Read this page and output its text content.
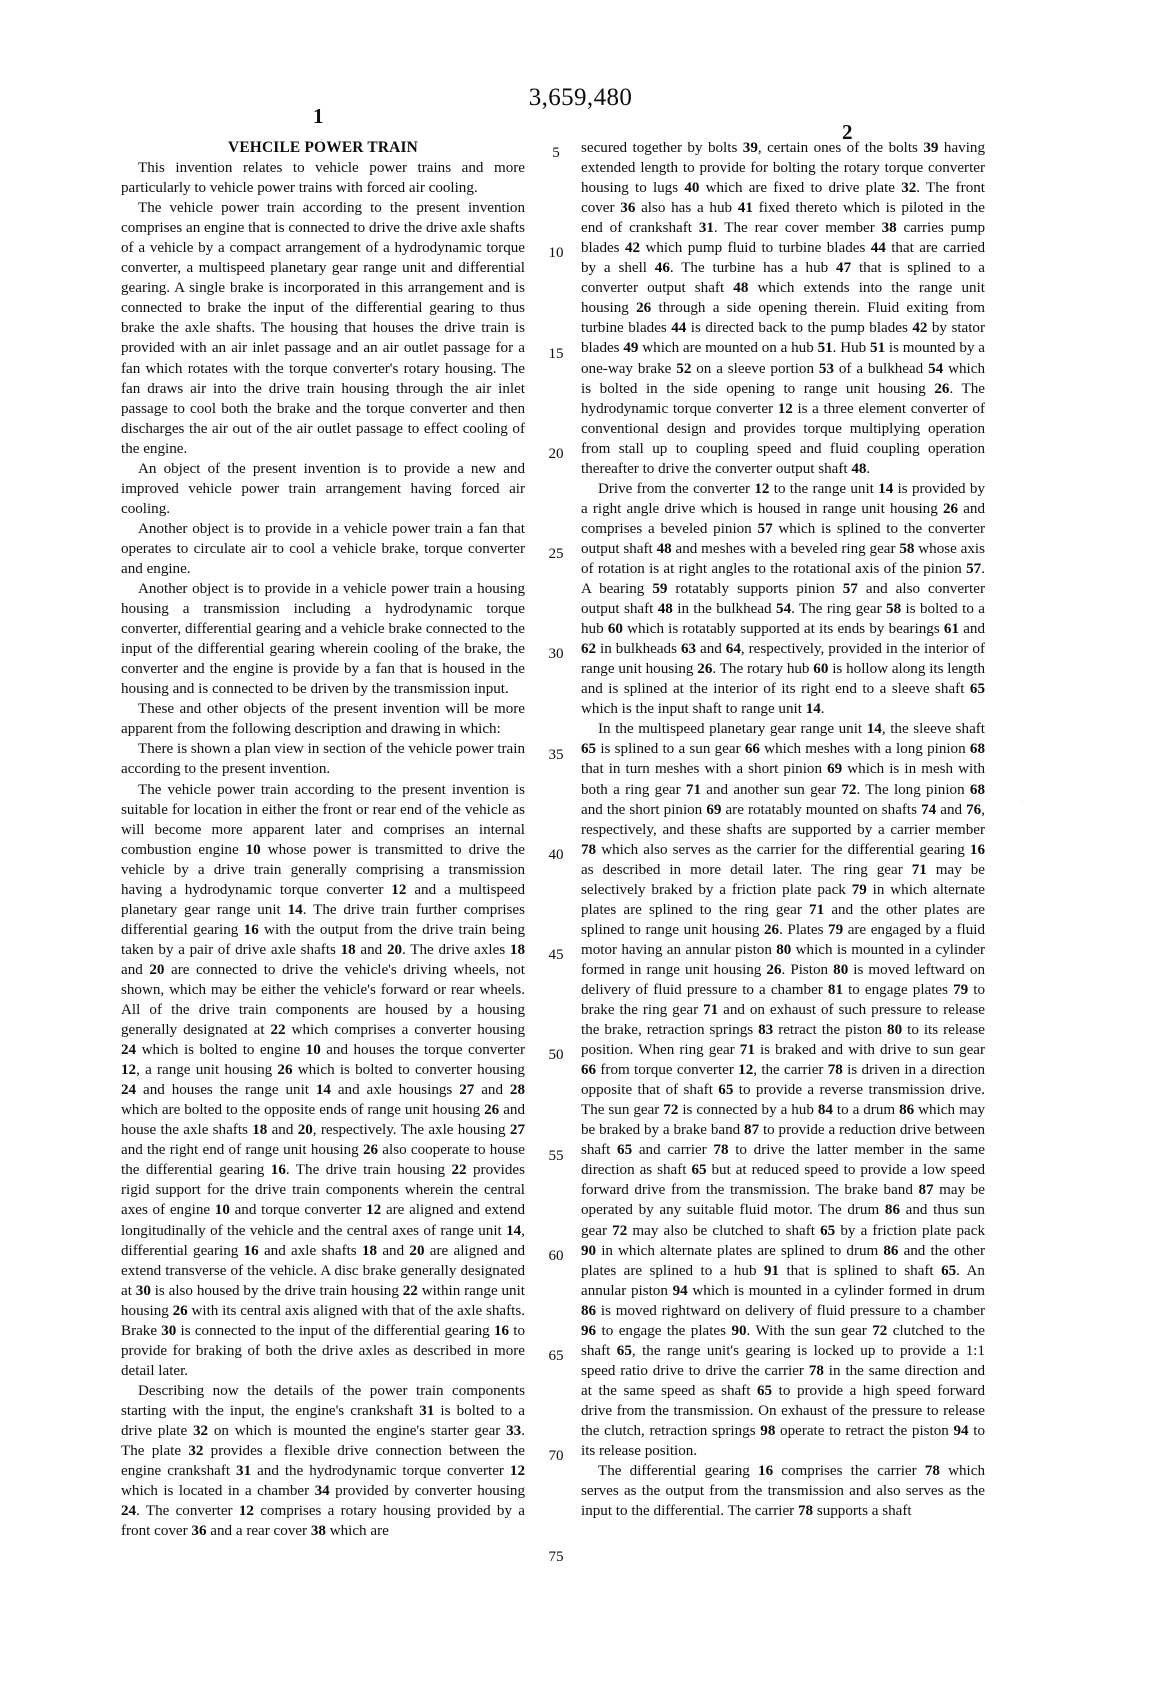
3,659,480
1
2
VEHCILE POWER TRAIN

This invention relates to vehicle power trains and more particularly to vehicle power trains with forced air cooling.

The vehicle power train according to the present invention comprises an engine that is connected to drive the drive axle shafts of a vehicle by a compact arrangement of a hydrodynamic torque converter, a multispeed planetary gear range unit and differential gearing. A single brake is incorporated in this arrangement and is connected to brake the input of the differential gearing to thus brake the axle shafts. The housing that houses the drive train is provided with an air inlet passage and an air outlet passage for a fan which rotates with the torque converter's rotary housing. The fan draws air into the drive train housing through the air inlet passage to cool both the brake and the torque converter and then discharges the air out of the air outlet passage to effect cooling of the engine.

An object of the present invention is to provide a new and improved vehicle power train arrangement having forced air cooling.

Another object is to provide in a vehicle power train a fan that operates to circulate air to cool a vehicle brake, torque converter and engine.

Another object is to provide in a vehicle power train a housing housing a transmission including a hydrodynamic torque converter, differential gearing and a vehicle brake connected to the input of the differential gearing wherein cooling of the brake, the converter and the engine is provide by a fan that is housed in the housing and is connected to be driven by the transmission input.

These and other objects of the present invention will be more apparent from the following description and drawing in which:

There is shown a plan view in section of the vehicle power train according to the present invention.

The vehicle power train according to the present invention is suitable for location in either the front or rear end of the vehicle as will become more apparent later and comprises an internal combustion engine 10 whose power is transmitted to drive the vehicle by a drive train generally comprising a transmission having a hydrodynamic torque converter 12 and a multispeed planetary gear range unit 14. The drive train further comprises differential gearing 16 with the output from the drive train being taken by a pair of drive axle shafts 18 and 20. The drive axles 18 and 20 are connected to drive the vehicle's driving wheels, not shown, which may be either the vehicle's forward or rear wheels. All of the drive train components are housed by a housing generally designated at 22 which comprises a converter housing 24 which is bolted to engine 10 and houses the torque converter 12, a range unit housing 26 which is bolted to converter housing 24 and houses the range unit 14 and axle housings 27 and 28 which are bolted to the opposite ends of range unit housing 26 and house the axle shafts 18 and 20, respectively. The axle housing 27 and the right end of range unit housing 26 also cooperate to house the differential gearing 16. The drive train housing 22 provides rigid support for the drive train components wherein the central axes of engine 10 and torque converter 12 are aligned and extend longitudinally of the vehicle and the central axes of range unit 14, differential gearing 16 and axle shafts 18 and 20 are aligned and extend transverse of the vehicle. A disc brake generally designated at 30 is also housed by the drive train housing 22 within range unit housing 26 with its central axis aligned with that of the axle shafts. Brake 30 is connected to the input of the differential gearing 16 to provide for braking of both the drive axles as described in more detail later.

Describing now the details of the power train components starting with the input, the engine's crankshaft 31 is bolted to a drive plate 32 on which is mounted the engine's starter gear 33. The plate 32 provides a flexible drive connection between the engine crankshaft 31 and the hydrodynamic torque converter 12 which is located in a chamber 34 provided by converter housing 24. The converter 12 comprises a rotary housing provided by a front cover 36 and a rear cover 38 which are

5
10
15
20
25
30
35
40
45
50
55
60
65
70
75

secured together by bolts 39, certain ones of the bolts 39 having extended length to provide for bolting the rotary torque converter housing to lugs 40 which are fixed to drive plate 32. The front cover 36 also has a hub 41 fixed thereto which is piloted in the end of crankshaft 31. The rear cover member 38 carries pump blades 42 which pump fluid to turbine blades 44 that are carried by a shell 46. The turbine has a hub 47 that is splined to a converter output shaft 48 which extends into the range unit housing 26 through a side opening therein. Fluid exiting from turbine blades 44 is directed back to the pump blades 42 by stator blades 49 which are mounted on a hub 51. Hub 51 is mounted by a one-way brake 52 on a sleeve portion 53 of a bulkhead 54 which is bolted in the side opening to range unit housing 26. The hydrodynamic torque converter 12 is a three element converter of conventional design and provides torque multiplying operation from stall up to coupling speed and fluid coupling operation thereafter to drive the converter output shaft 48.

Drive from the converter 12 to the range unit 14 is provided by a right angle drive which is housed in range unit housing 26 and comprises a beveled pinion 57 which is splined to the converter output shaft 48 and meshes with a beveled ring gear 58 whose axis of rotation is at right angles to the rotational axis of the pinion 57. A bearing 59 rotatably supports pinion 57 and also converter output shaft 48 in the bulkhead 54. The ring gear 58 is bolted to a hub 60 which is rotatably supported at its ends by bearings 61 and 62 in bulkheads 63 and 64, respectively, provided in the interior of range unit housing 26. The rotary hub 60 is hollow along its length and is splined at the interior of its right end to a sleeve shaft 65 which is the input shaft to range unit 14.

In the multispeed planetary gear range unit 14, the sleeve shaft 65 is splined to a sun gear 66 which meshes with a long pinion 68 that in turn meshes with a short pinion 69 which is in mesh with both a ring gear 71 and another sun gear 72. The long pinion 68 and the short pinion 69 are rotatably mounted on shafts 74 and 76, respectively, and these shafts are supported by a carrier member 78 which also serves as the carrier for the differential gearing 16 as described in more detail later. The ring gear 71 may be selectively braked by a friction plate pack 79 in which alternate plates are splined to the ring gear 71 and the other plates are splined to range unit housing 26. Plates 79 are engaged by a fluid motor having an annular piston 80 which is mounted in a cylinder formed in range unit housing 26. Piston 80 is moved leftward on delivery of fluid pressure to a chamber 81 to engage plates 79 to brake the ring gear 71 and on exhaust of such pressure to release the brake, retraction springs 83 retract the piston 80 to its release position. When ring gear 71 is braked and with drive to sun gear 66 from torque converter 12, the carrier 78 is driven in a direction opposite that of shaft 65 to provide a reverse transmission drive. The sun gear 72 is connected by a hub 84 to a drum 86 which may be braked by a brake band 87 to provide a reduction drive between shaft 65 and carrier 78 to drive the latter member in the same direction as shaft 65 but at reduced speed to provide a low speed forward drive from the transmission. The brake band 87 may be operated by any suitable fluid motor. The drum 86 and thus sun gear 72 may also be clutched to shaft 65 by a friction plate pack 90 in which alternate plates are splined to drum 86 and the other plates are splined to a hub 91 that is splined to shaft 65. An annular piston 94 which is mounted in a cylinder formed in drum 86 is moved rightward on delivery of fluid pressure to a chamber 96 to engage the plates 90. With the sun gear 72 clutched to the shaft 65, the range unit's gearing is locked up to provide a 1:1 speed ratio drive to drive the carrier 78 in the same direction and at the same speed as shaft 65 to provide a high speed forward drive from the transmission. On exhaust of the pressure to release the clutch, retraction springs 98 operate to retract the piston 94 to its release position.

The differential gearing 16 comprises the carrier 78 which serves as the output from the transmission and also serves as the input to the differential. The carrier 78 supports a shaft
